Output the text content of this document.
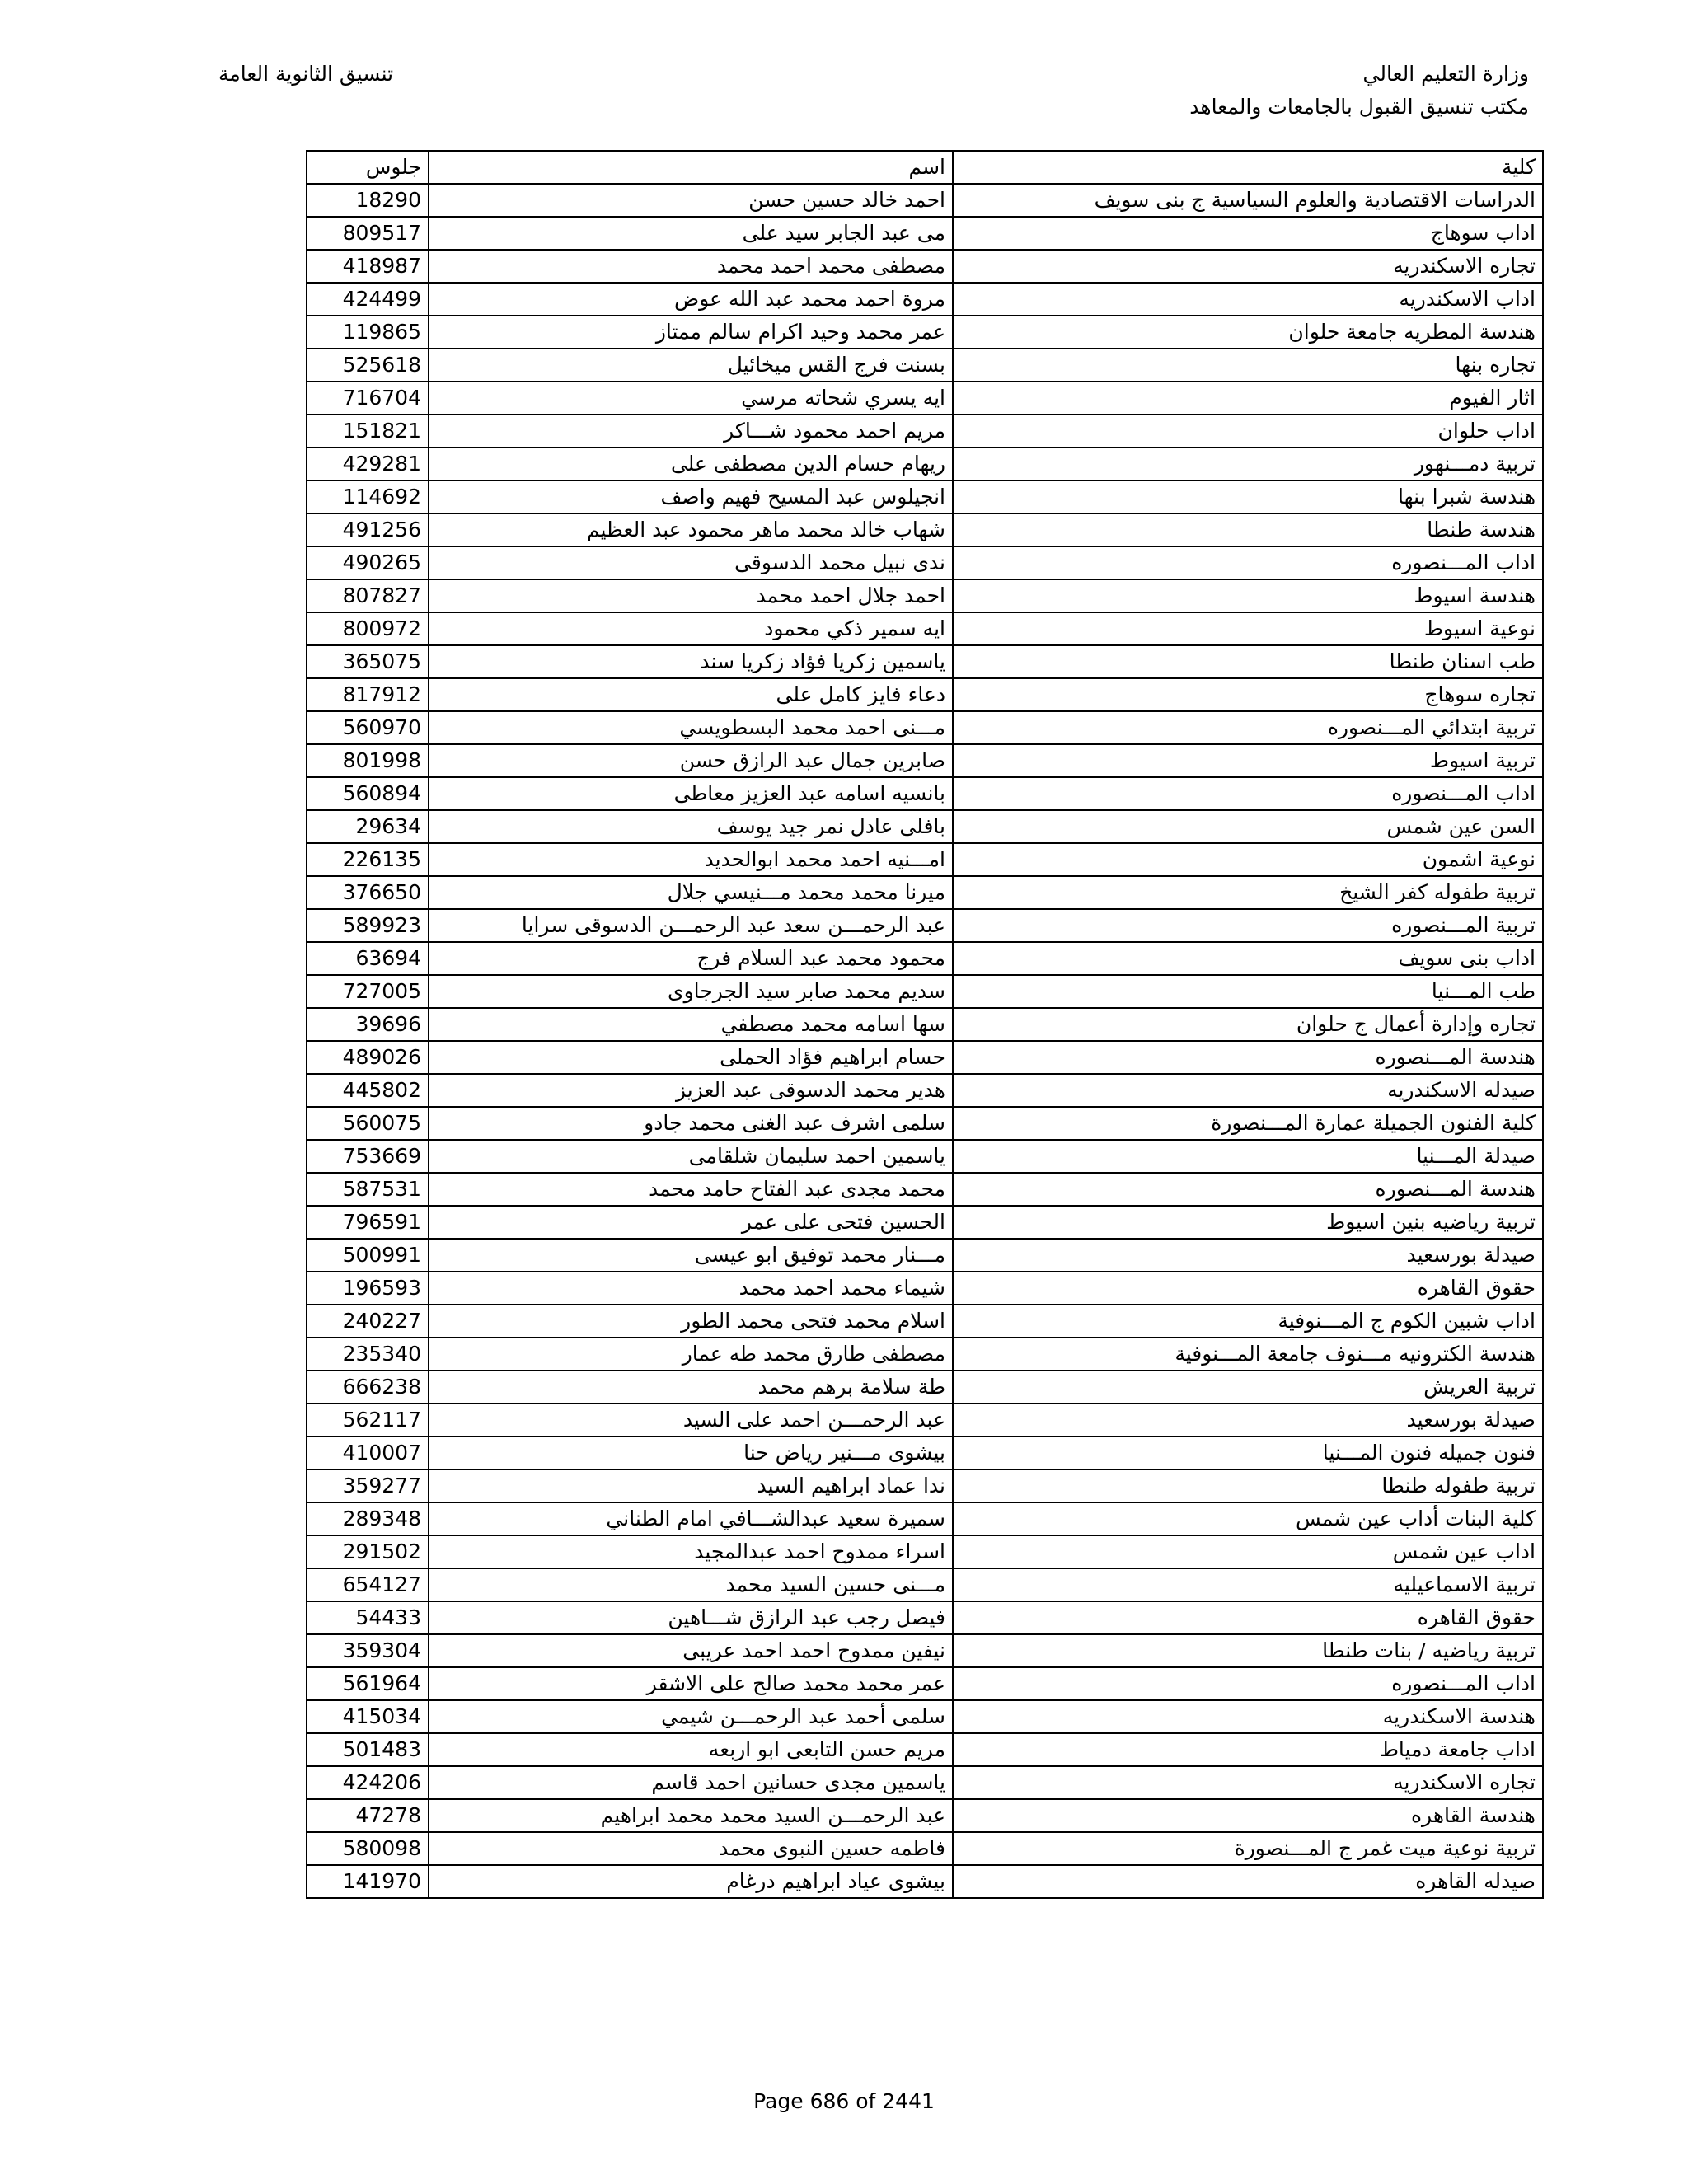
وزارة التعليم العالي
مكتب تنسيق القبول بالجامعات والمعاهد
تنسيق الثانوية العامة
جلوس	اسم	كلية
18290	احمد خالد حسين حسن	الدراسات الاقتصادية والعلوم السياسية ج بنى سويف
809517	مى عبد الجابر سيد على	اداب سوهاج
418987	مصطفى محمد احمد محمد	تجاره الاسكندريه
424499	مروة احمد محمد عبد الله عوض	اداب الاسكندريه
119865	عمر محمد وحيد اكرام سالم ممتاز	هندسة المطريه جامعة حلوان
525618	بسنت فرج القس ميخائيل	تجاره بنها
716704	ايه يسري شحاته مرسي	اثار الفيوم
151821	مريم احمد محمود شـــاكر	اداب حلوان
429281	ريهام حسام الدين مصطفى على	تربية دمـــنهور
114692	انجيلوس عبد المسيح فهيم واصف	هندسة شبرا بنها
491256	شهاب خالد محمد ماهر محمود عبد العظيم	هندسة طنطا
490265	ندى نبيل محمد الدسوقى	اداب المـــنصوره
807827	احمد جلال احمد محمد	هندسة اسيوط
800972	ايه سمير ذكي محمود	نوعية اسيوط
365075	ياسمين زكريا فؤاد زكريا سند	طب اسنان طنطا
817912	دعاء فايز كامل على	تجاره سوهاج
560970	مـــنى احمد محمد البسطويسي	تربية ابتدائي المـــنصوره
801998	صابرين جمال عبد الرازق حسن	تربية اسيوط
560894	بانسيه اسامه عبد العزيز معاطى	اداب المـــنصوره
29634	بافلى عادل نمر جيد يوسف	السن عين شمس
226135	امـــنيه احمد محمد ابوالحديد	نوعية اشمون
376650	ميرنا محمد محمد مـــنيسي جلال	تربية طفوله كفر الشيخ
589923	عبد الرحمـــن سعد عبد الرحمـــن الدسوقى سرايا	تربية المـــنصوره
63694	محمود محمد عبد السلام فرج	اداب بنى سويف
727005	سديم محمد صابر سيد الجرجاوى	طب المـــنيا
39696	سها اسامه محمد مصطفي	تجاره وإدارة أعمال ج حلوان
489026	حسام ابراهيم فؤاد الحملى	هندسة المـــنصوره
445802	هدير محمد الدسوقى عبد العزيز	صيدله الاسكندريه
560075	سلمى اشرف عبد الغنى محمد جادو	كلية الفنون الجميلة عمارة المـــنصورة
753669	ياسمين احمد سليمان شلقامى	صيدلة المـــنيا
587531	محمد مجدى عبد الفتاح حامد محمد	هندسة المـــنصوره
796591	الحسين فتحى على عمر	تربية رياضيه بنين اسيوط
500991	مـــنار محمد توفيق ابو عيسى	صيدلة بورسعيد
196593	شيماء محمد احمد محمد	حقوق القاهره
240227	اسلام محمد فتحى محمد الطور	اداب شبين الكوم ج المـــنوفية
235340	مصطفى طارق محمد طه عمار	هندسة الكترونيه مـــنوف جامعة المـــنوفية
666238	طة سلامة برهم محمد	تربية العريش
562117	عبد الرحمـــن احمد على السيد	صيدلة بورسعيد
410007	بيشوى مـــنير رياض حنا	فنون جميله فنون المـــنيا
359277	ندا عماد ابراهيم السيد	تربية طفوله طنطا
289348	سميرة سعيد عبدالشـــافي امام الطناني	كلية البنات أداب عين شمس
291502	اسراء ممدوح احمد عبدالمجيد	اداب عين شمس
654127	مـــنى حسين السيد محمد	تربية الاسماعيليه
54433	فيصل رجب عبد الرازق شـــاهين	حقوق القاهره
359304	نيفين ممدوح احمد احمد عريبى	تربية رياضيه / بنات طنطا
561964	عمر محمد محمد صالح على الاشقر	اداب المـــنصوره
415034	سلمى أحمد عبد الرحمـــن شيمي	هندسة الاسكندريه
501483	مريم حسن التابعى ابو اربعه	اداب جامعة دمياط
424206	ياسمين مجدى حسانين احمد قاسم	تجاره الاسكندريه
47278	عبد الرحمـــن السيد محمد محمد ابراهيم	هندسة القاهره
580098	فاطمه حسين النبوى محمد	تربية نوعية ميت غمر ج المـــنصورة
141970	بيشوى عياد ابراهيم درغام	صيدله القاهره
Page 686 of 2441
